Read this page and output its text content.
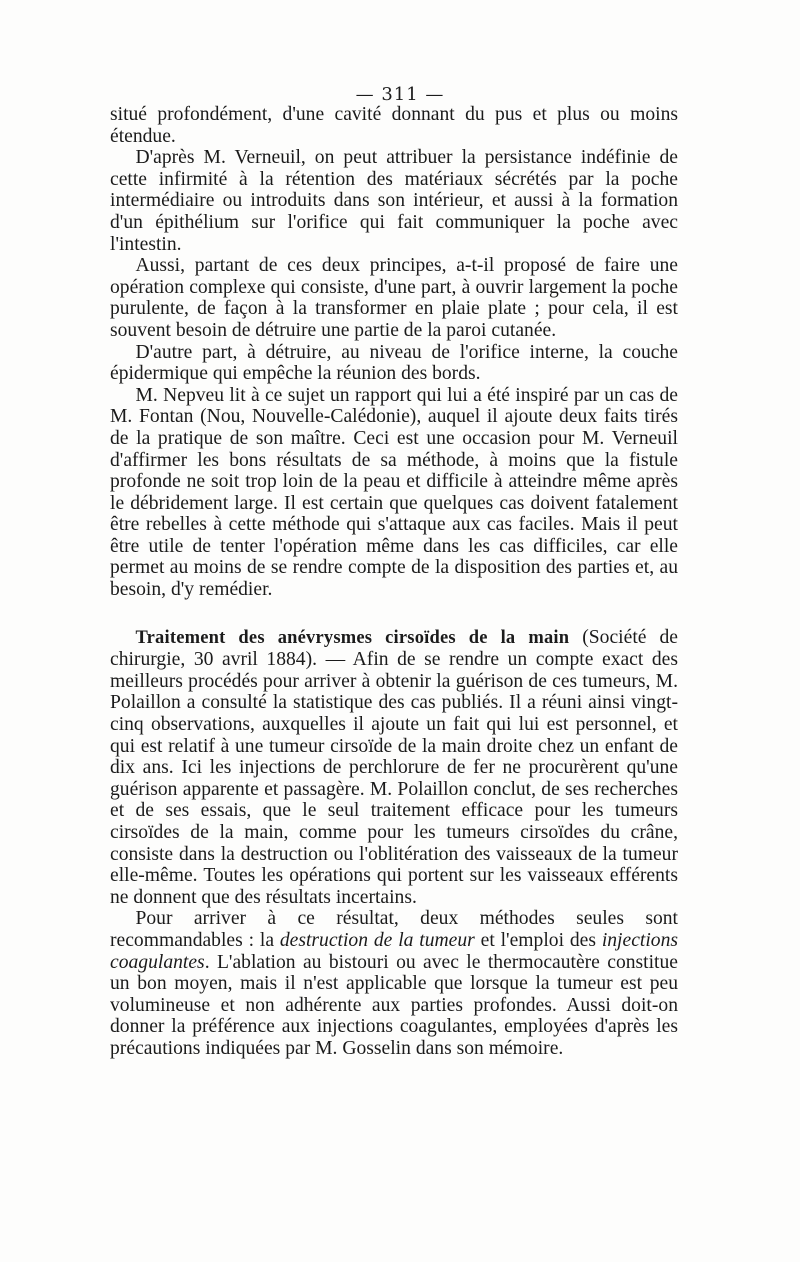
— 311 —

situé profondément, d'une cavité donnant du pus et plus ou moins étendue.

D'après M. Verneuil, on peut attribuer la persistance indéfinie de cette infirmité à la rétention des matériaux sécrétés par la poche intermédiaire ou introduits dans son intérieur, et aussi à la formation d'un épithélium sur l'orifice qui fait communiquer la poche avec l'intestin.

Aussi, partant de ces deux principes, a-t-il proposé de faire une opération complexe qui consiste, d'une part, à ouvrir largement la poche purulente, de façon à la transformer en plaie plate ; pour cela, il est souvent besoin de détruire une partie de la paroi cutanée.

D'autre part, à détruire, au niveau de l'orifice interne, la couche épidermique qui empêche la réunion des bords.

M. Nepveu lit à ce sujet un rapport qui lui a été inspiré par un cas de M. Fontan (Nou, Nouvelle-Calédonie), auquel il ajoute deux faits tirés de la pratique de son maître. Ceci est une occasion pour M. Verneuil d'affirmer les bons résultats de sa méthode, à moins que la fistule profonde ne soit trop loin de la peau et difficile à atteindre même après le débridement large. Il est certain que quelques cas doivent fatalement être rebelles à cette méthode qui s'attaque aux cas faciles. Mais il peut être utile de tenter l'opération même dans les cas difficiles, car elle permet au moins de se rendre compte de la disposition des parties et, au besoin, d'y remédier.

Traitement des anévrysmes cirsoïdes de la main (Société de chirurgie, 30 avril 1884). — Afin de se rendre un compte exact des meilleurs procédés pour arriver à obtenir la guérison de ces tumeurs, M. Polaillon a consulté la statistique des cas publiés. Il a réuni ainsi vingt-cinq observations, auxquelles il ajoute un fait qui lui est personnel, et qui est relatif à une tumeur cirsoïde de la main droite chez un enfant de dix ans. Ici les injections de perchlorure de fer ne procurèrent qu'une guérison apparente et passagère. M. Polaillon conclut, de ses recherches et de ses essais, que le seul traitement efficace pour les tumeurs cirsoïdes de la main, comme pour les tumeurs cirsoïdes du crâne, consiste dans la destruction ou l'oblitération des vaisseaux de la tumeur elle-même. Toutes les opérations qui portent sur les vaisseaux efférents ne donnent que des résultats incertains.

Pour arriver à ce résultat, deux méthodes seules sont recommandables : la destruction de la tumeur et l'emploi des injections coagulantes. L'ablation au bistouri ou avec le thermocautère constitue un bon moyen, mais il n'est applicable que lorsque la tumeur est peu volumineuse et non adhérente aux parties profondes. Aussi doit-on donner la préférence aux injections coagulantes, employées d'après les précautions indiquées par M. Gosselin dans son mémoire.
